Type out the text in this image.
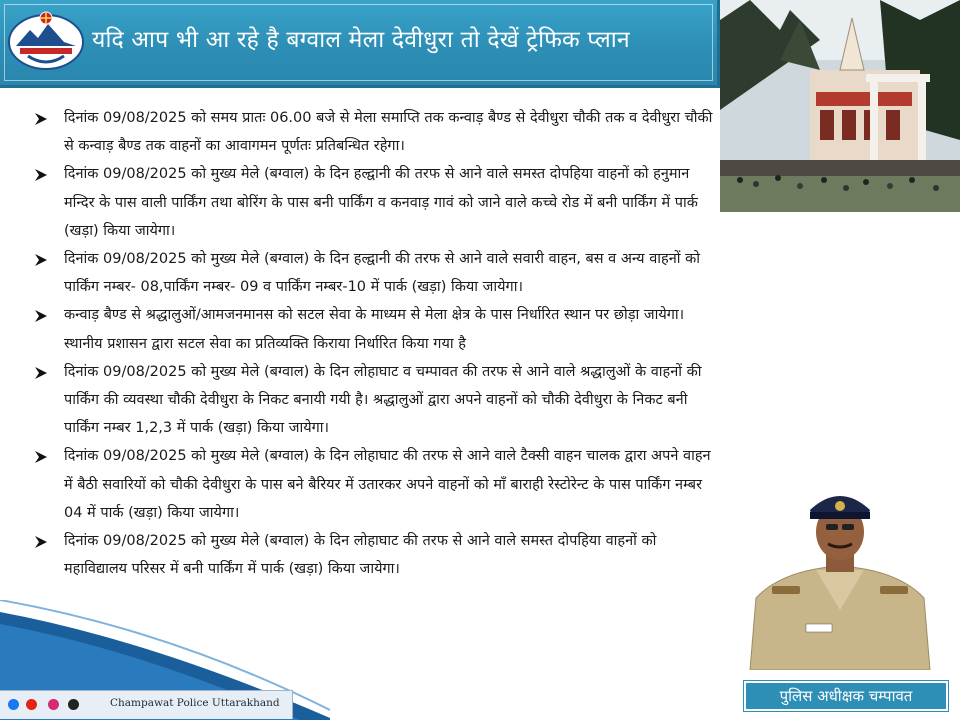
यदि आप भी आ रहे है बग्वाल मेला देवीधुरा तो देखें ट्रेफिक प्लान
दिनांक 09/08/2025 को समय प्रातः 06.00 बजे से मेला समाप्ति तक कन्वाड़ बैण्ड से देवीधुरा चौकी तक व देवीधुरा चौकी से कन्वाड़ बैण्ड तक वाहनों का आवागमन पूर्णतः प्रतिबन्धित रहेगा।
दिनांक 09/08/2025 को मुख्य मेले (बग्वाल) के दिन हल्द्वानी की तरफ से आने वाले समस्त दोपहिया वाहनों को हनुमान मन्दिर के पास वाली पार्किंग तथा बोरिंग के पास बनी पार्किंग व कनवाड़ गावं को जाने वाले कच्चे रोड में बनी पार्किंग में पार्क (खड़ा) किया जायेगा।
दिनांक 09/08/2025 को मुख्य मेले (बग्वाल) के दिन हल्द्वानी की तरफ से आने वाले सवारी वाहन, बस व अन्य वाहनों को पार्किंग नम्बर- 08,पार्किंग नम्बर- 09 व पार्किंग नम्बर-10 में पार्क (खड़ा) किया जायेगा।
कन्वाड़ बैण्ड से श्रद्धालुओं/आमजनमानस को सटल सेवा के माध्यम से मेला क्षेत्र के पास निर्धारित स्थान पर छोड़ा जायेगा। स्थानीय प्रशासन द्वारा सटल सेवा का प्रतिव्यक्ति किराया निर्धारित किया गया है
दिनांक 09/08/2025 को मुख्य मेले (बग्वाल) के दिन लोहाघाट व चम्पावत की तरफ से आने वाले श्रद्धालुओं के वाहनों की पार्किंग की व्यवस्था चौकी देवीधुरा के निकट बनायी गयी है। श्रद्धालुओं द्वारा अपने वाहनों को चौकी देवीधुरा के निकट बनी पार्किंग नम्बर 1,2,3 में पार्क (खड़ा) किया जायेगा।
दिनांक 09/08/2025 को मुख्य मेले (बग्वाल) के दिन लोहाघाट की तरफ से आने वाले टैक्सी वाहन चालक द्वारा अपने वाहन में बैठी सवारियों को चौकी देवीधुरा के पास बने बैरियर में उतारकर अपने वाहनों को माँ बाराही रेस्टोरेन्ट के पास पार्किंग नम्बर 04 में पार्क (खड़ा) किया जायेगा।
दिनांक 09/08/2025 को मुख्य मेले (बग्वाल) के दिन लोहाघाट की तरफ से आने वाले समस्त दोपहिया वाहनों को महाविद्यालय परिसर में बनी पार्किंग में पार्क (खड़ा) किया जायेगा।
Champawat Police Uttarakhand	पुलिस अधीक्षक चम्पावत
